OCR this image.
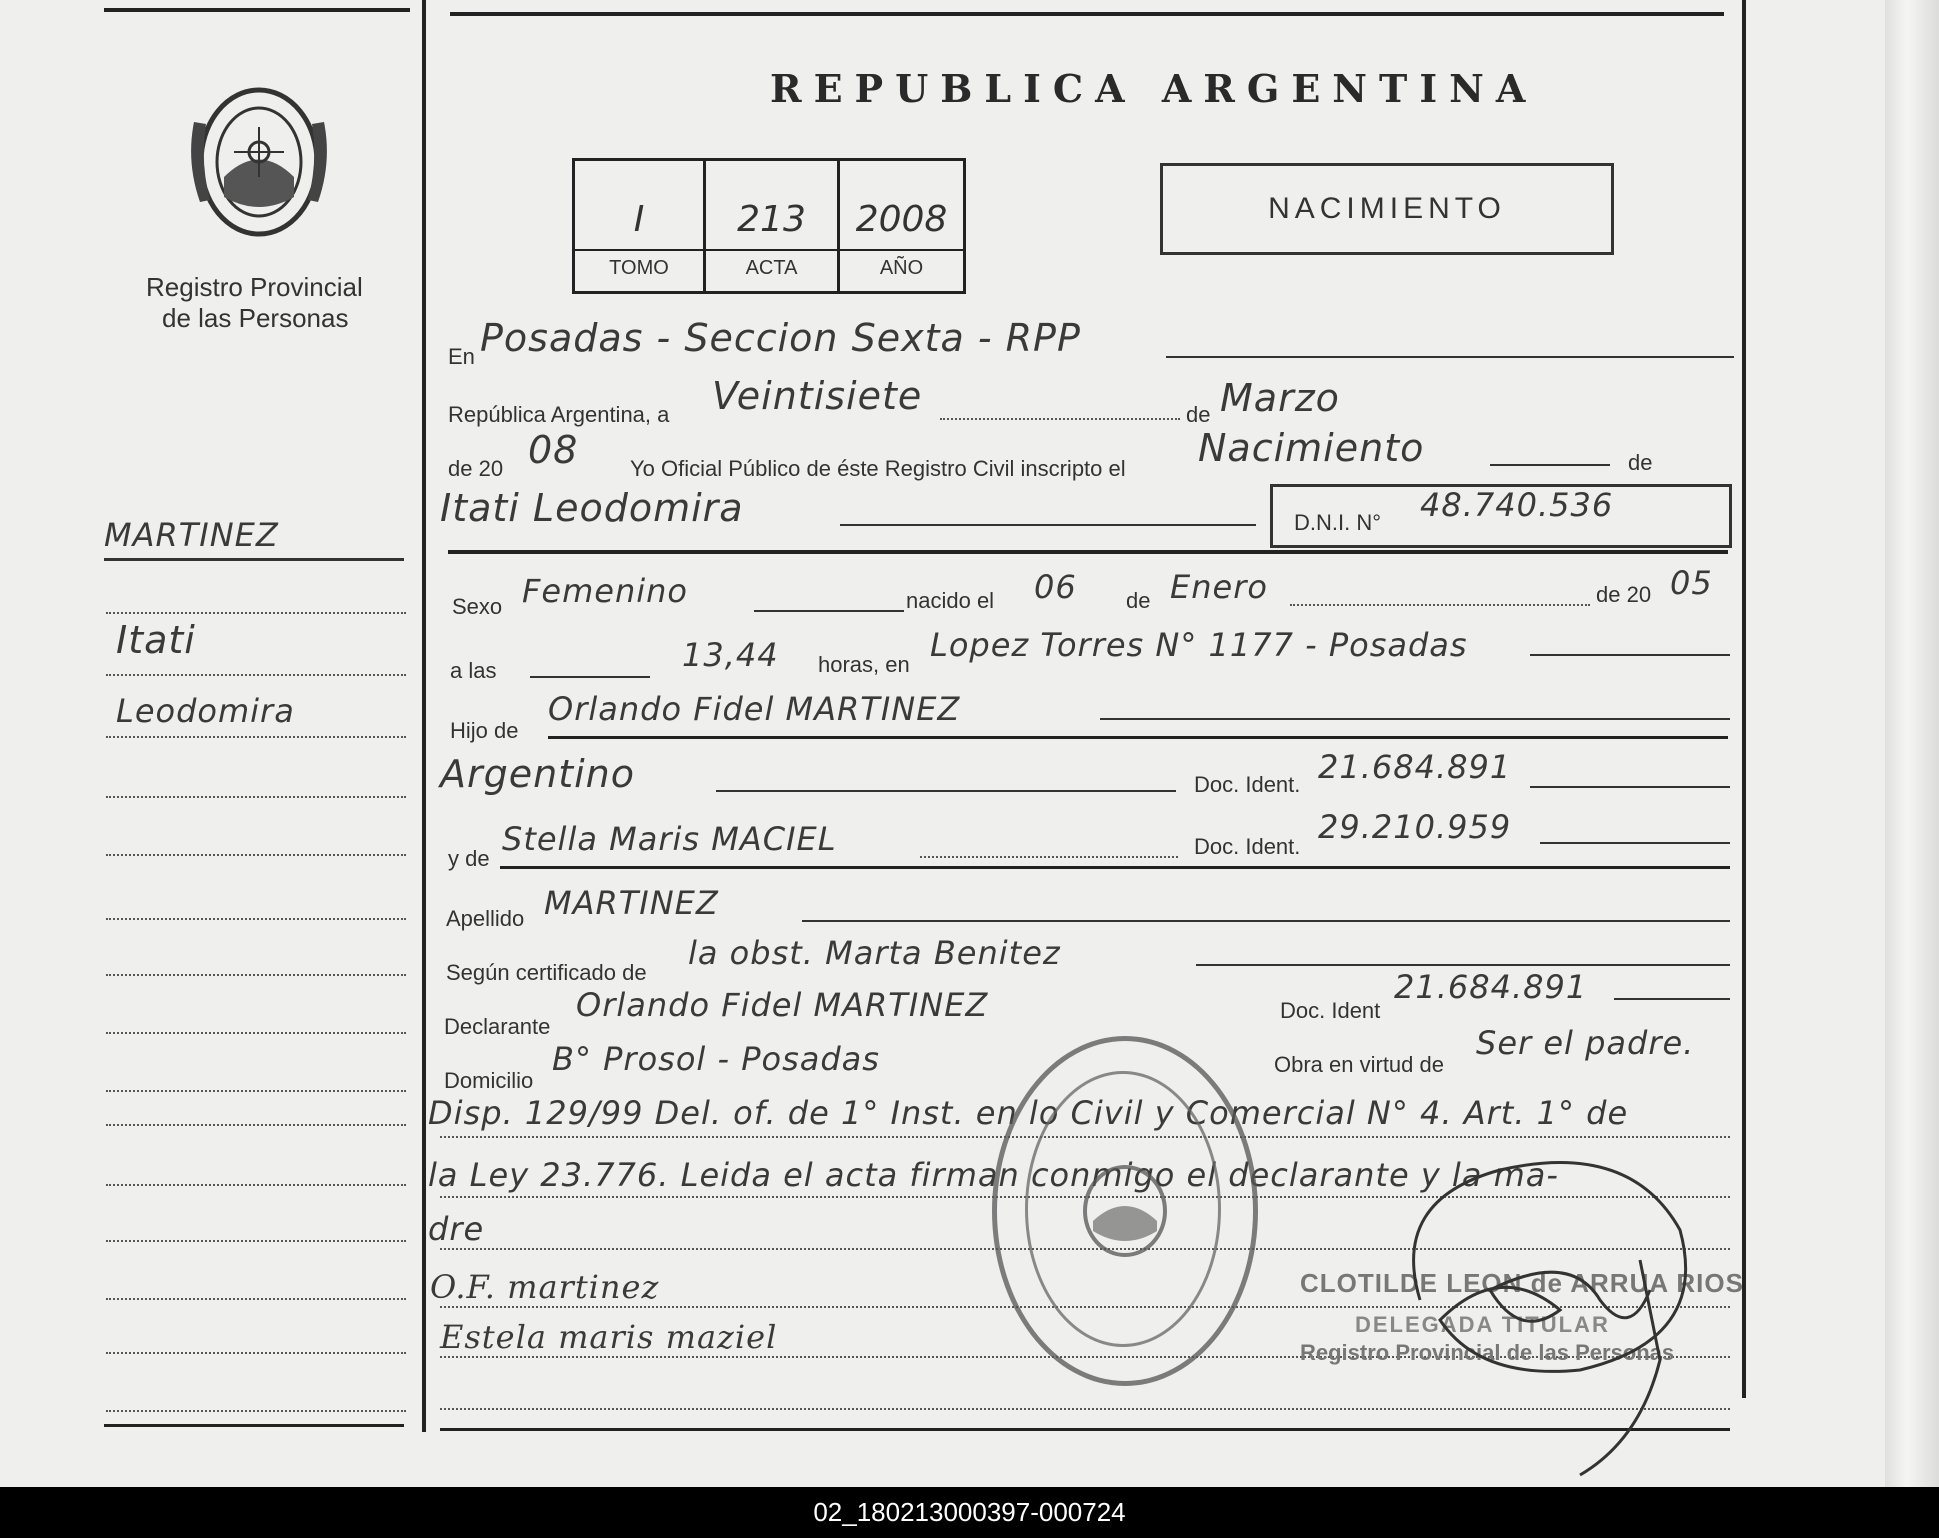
Registro Provincial
de las Personas
REPUBLICA ARGENTINA
I	213	2008
TOMO	ACTA	AÑO
NACIMIENTO
MARTINEZ
Itati
Leodomira
En Posadas - Seccion Sexta - RPP
República Argentina, a Veintisiete	de Marzo
de 20 08 Yo Oficial Público de éste Registro Civil inscripto el Nacimiento	de
Itati Leodomira	D.N.I. N° 48.740.536
Sexo Femenino	nacido el 06 de Enero	de 20 05
a las	13,44 horas, en
Lopez Torres N° 1177 - Posadas
Hijo de
Orlando Fidel MARTINEZ
Argentino	Doc. Ident. 21.684.891
y de
Stella Maris MACIEL	Doc. Ident.
29.210.959
Apellido MARTINEZ
Según certificado de
la obst. Marta Benitez
Declarante
Orlando Fidel MARTINEZ	Doc. Ident
21.684.891
Domicilio
B° Prosol - Posadas	Obra en virtud de
Ser el padre.
Disp. 129/99 Del. of. de 1° Inst. en lo Civil y Comercial N° 4. Art. 1° de
la Ley 23.776. Leida el acta firman conmigo el declarante y la ma-
dre
O.F. martinez
Estela maris maziel
CLOTILDE LEON de ARRUA RIOS
DELEGADA TITULAR
Registro Provincial de las Personas
02_180213000397-000724
